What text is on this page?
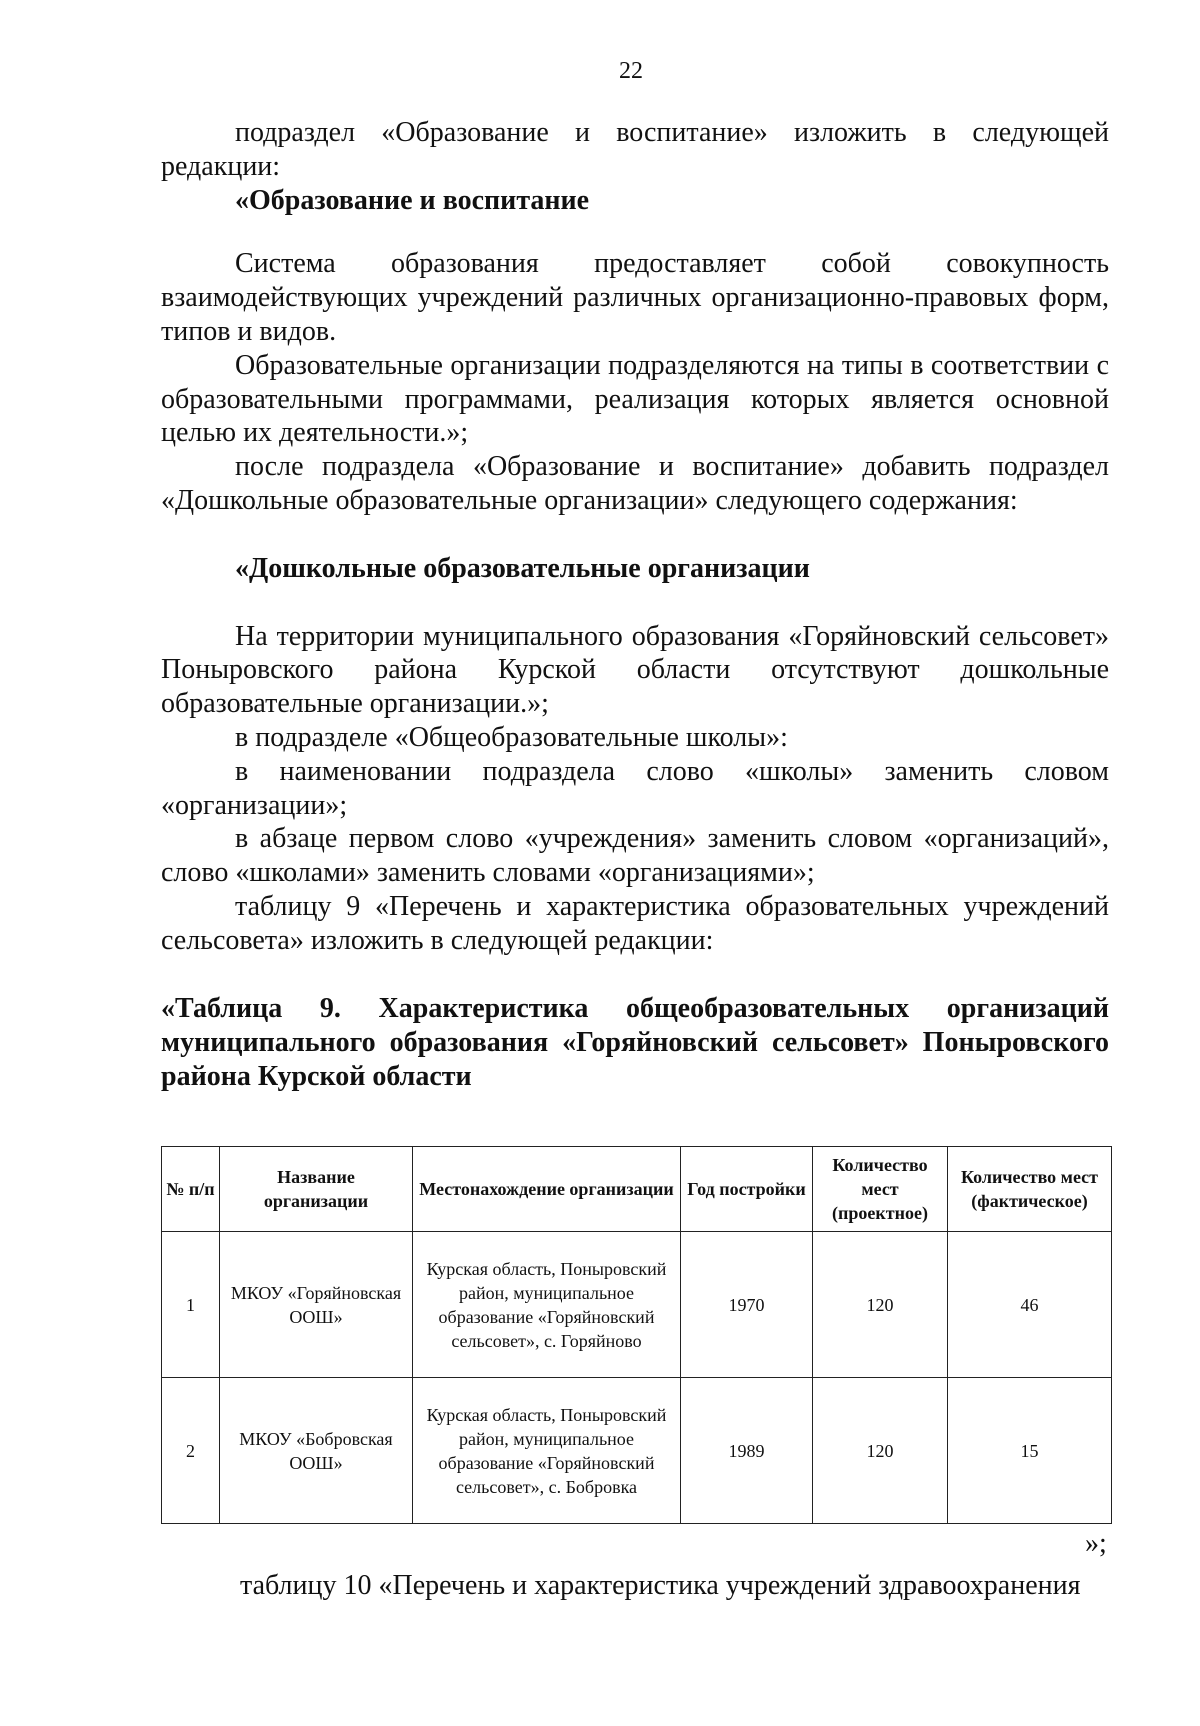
22

подраздел «Образование и воспитание» изложить в следующей редакции:

«Образование и воспитание

Система образования предоставляет собой совокупность взаимодействующих учреждений различных организационно-правовых форм, типов и видов.

Образовательные организации подразделяются на типы в соответствии с образовательными программами, реализация которых является основной целью их деятельности.»;

после подраздела «Образование и воспитание» добавить подраздел «Дошкольные образовательные организации» следующего содержания:

«Дошкольные образовательные организации

На территории муниципального образования «Горяйновский сельсовет» Поныровского района Курской области отсутствуют дошкольные образовательные организации.»;

в подразделе «Общеобразовательные школы»:

в наименовании подраздела слово «школы» заменить словом «организации»;

в абзаце первом слово «учреждения» заменить словом «организаций», слово «школами» заменить словами «организациями»;

таблицу 9 «Перечень и характеристика образовательных учреждений сельсовета» изложить в следующей редакции:

«Таблица 9. Характеристика общеобразовательных организаций муниципального образования «Горяйновский сельсовет» Поныровского района Курской области

№ п/п	Название организации	Местонахождение организации	Год постройки	Количество мест (проектное)	Количество мест (фактическое)
1	МКОУ «Горяйновская ООШ»	Курская область, Поныровский район, муниципальное образование «Горяйновский сельсовет», с. Горяйново	1970	120	46
2	МКОУ «Бобровская ООШ»	Курская область, Поныровский район, муниципальное образование «Горяйновский сельсовет», с. Бобровка	1989	120	15
»;
таблицу 10 «Перечень и характеристика учреждений здравоохранения
